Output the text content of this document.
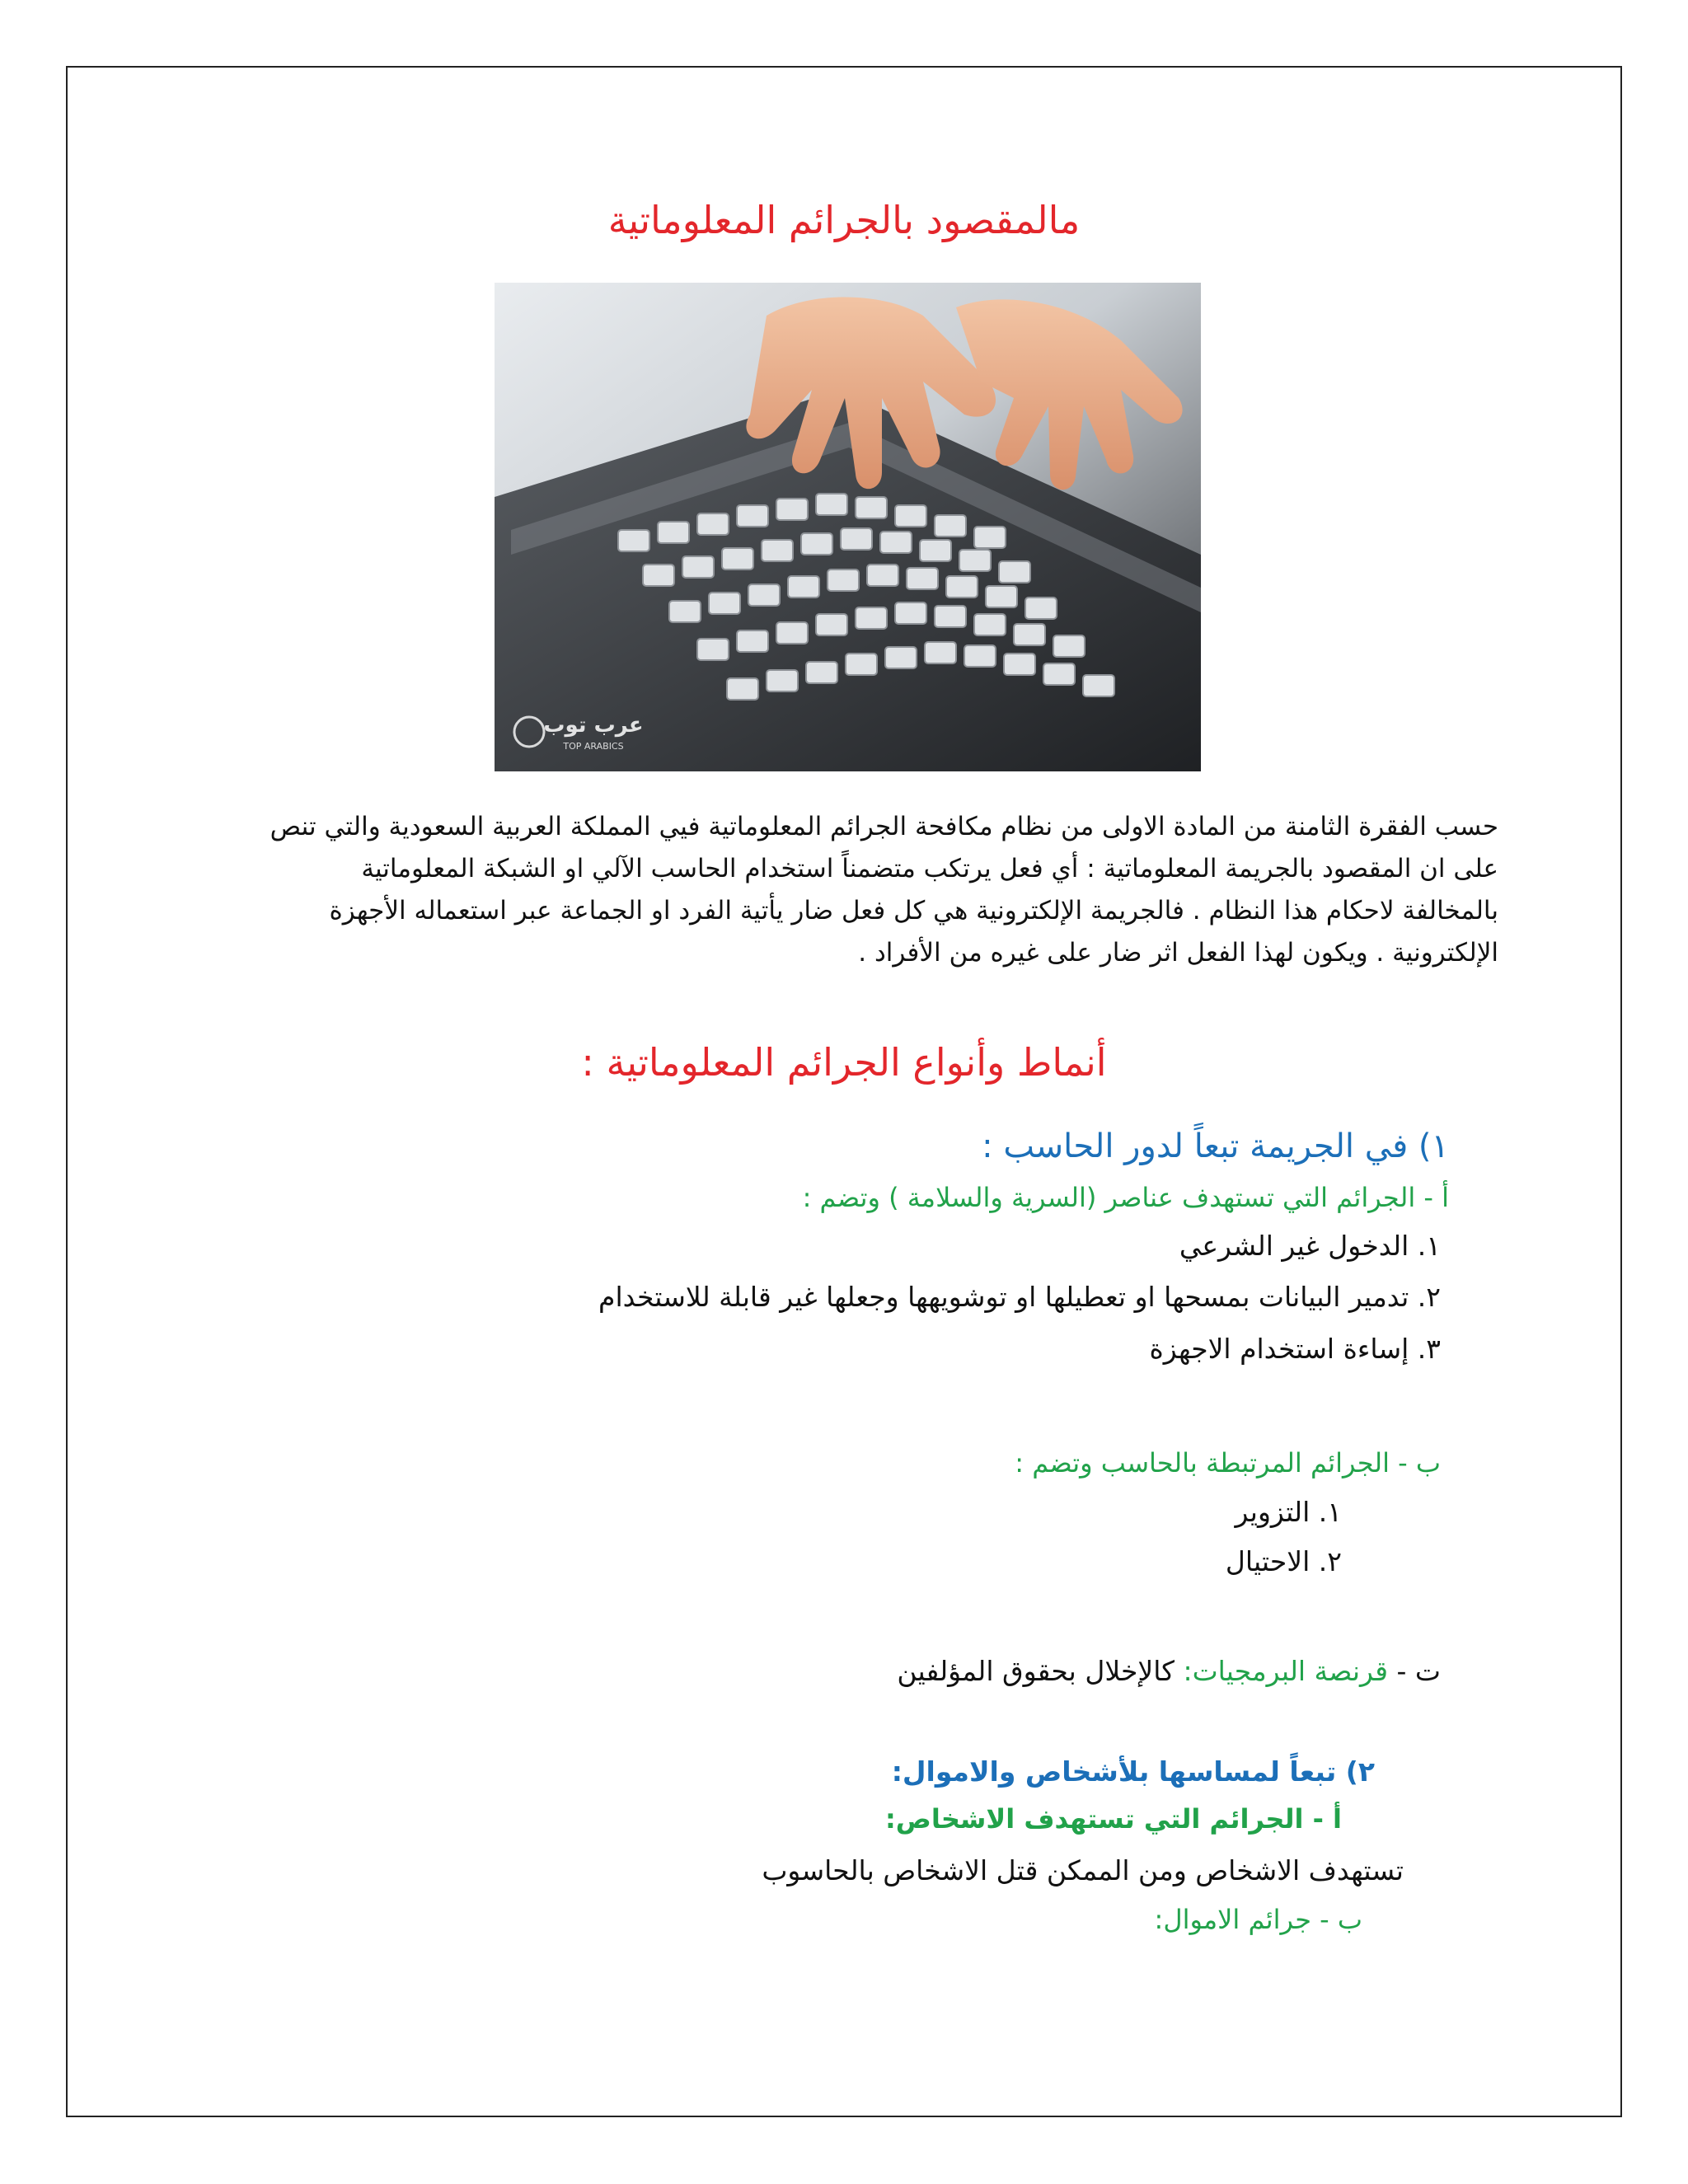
مالمقصود بالجرائم المعلوماتية
عرب توب
TOP ARABICS

حسب الفقرة الثامنة من المادة الاولى من نظام مكافحة الجرائم المعلوماتية فيي المملكة العربية السعودية والتي تنص

على ان المقصود بالجريمة المعلوماتية : أي فعل يرتكب متضمناً استخدام الحاسب الآلي او الشبكة المعلوماتية

بالمخالفة لاحكام هذا النظام . فالجريمة الإلكترونية هي كل فعل ضار يأتية الفرد او الجماعة عبر استعماله الأجهزة

الإلكترونية . ويكون لهذا الفعل اثر ضار على غيره من الأفراد .

أنماط وأنواع الجرائم المعلوماتية :
١) في الجريمة تبعاً لدور الحاسب :
أ - الجرائم التي تستهدف عناصر (السرية والسلامة ) وتضم :
١. الدخول غير الشرعي
٢. تدمير البيانات بمسحها او تعطيلها او توشويهها وجعلها غير قابلة للاستخدام
٣. إساءة استخدام الاجهزة
ب - الجرائم المرتبطة بالحاسب وتضم :
١. التزوير
٢. الاحتيال
ت - قرنصة البرمجيات: كالإخلال بحقوق المؤلفين
٢) تبعاً لمساسها بلأشخاص والاموال:
أ - الجرائم التي تستهدف الاشخاص:
تستهدف الاشخاص ومن الممكن قتل الاشخاص بالحاسوب
ب - جرائم الاموال:
